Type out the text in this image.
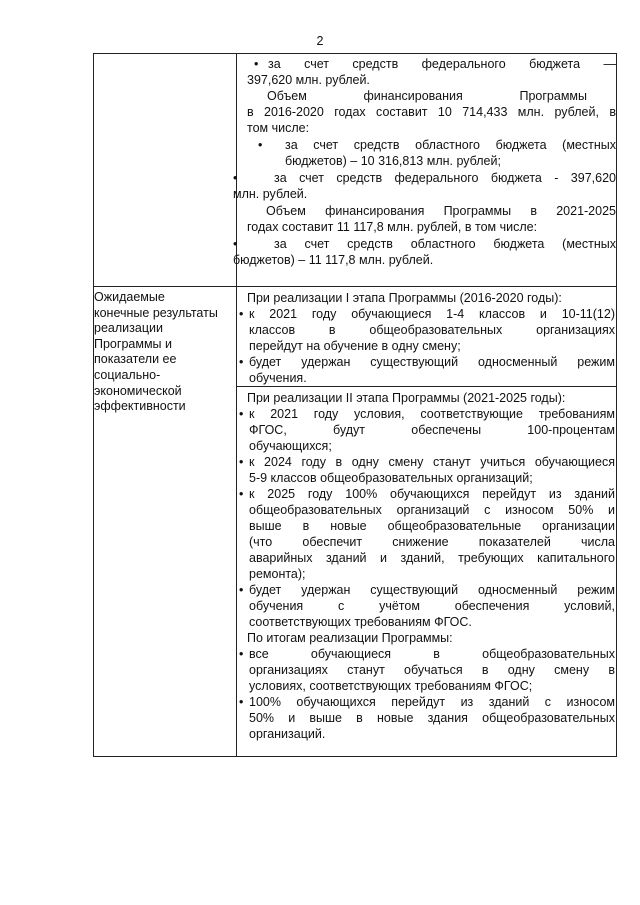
2
• за счет средств федерального бюджета —
397,620 млн. рублей.
Объем финансирования Программы
в 2016-2020 годах составит 10 714,433 млн. рублей, в
том числе:
• за счет средств областного бюджета (местных
бюджетов) – 10 316,813 млн. рублей;
•	за счет средств федерального бюджета - 397,620
млн. рублей.
Объем финансирования Программы в 2021-2025
годах составит 11 117,8 млн. рублей, в том числе:
•	за счет средств областного бюджета (местных
бюджетов) – 11 117,8 млн. рублей.
Ожидаемые
конечные результаты
реализации
Программы и
показатели ее
социально-
экономической
эффективности
При реализации I этапа Программы (2016-2020 годы):
• к 2021 году обучающиеся 1-4 классов и 10-11(12)
классов в общеобразовательных организациях
перейдут на обучение в одну смену;
• будет удержан существующий односменный режим
обучения.
При реализации II этапа Программы (2021-2025 годы):
• к 2021 году условия, соответствующие требованиям
ФГОС, будут обеспечены 100-процентам
обучающихся;
• к 2024 году в одну смену станут учиться обучающиеся
5-9 классов общеобразовательных организаций;
• к 2025 году 100% обучающихся перейдут из зданий
общеобразовательных организаций с износом 50% и
выше в новые общеобразовательные организации
(что обеспечит снижение показателей числа
аварийных зданий и зданий, требующих капитального
ремонта);
• будет удержан существующий односменный режим
обучения с учётом обеспечения условий,
соответствующих требованиям ФГОС.
По итогам реализации Программы:
• все обучающиеся в общеобразовательных
организациях станут обучаться в одну смену в
условиях, соответствующих требованиям ФГОС;
• 100% обучающихся перейдут из зданий с износом
50% и выше в новые здания общеобразовательных
организаций.
